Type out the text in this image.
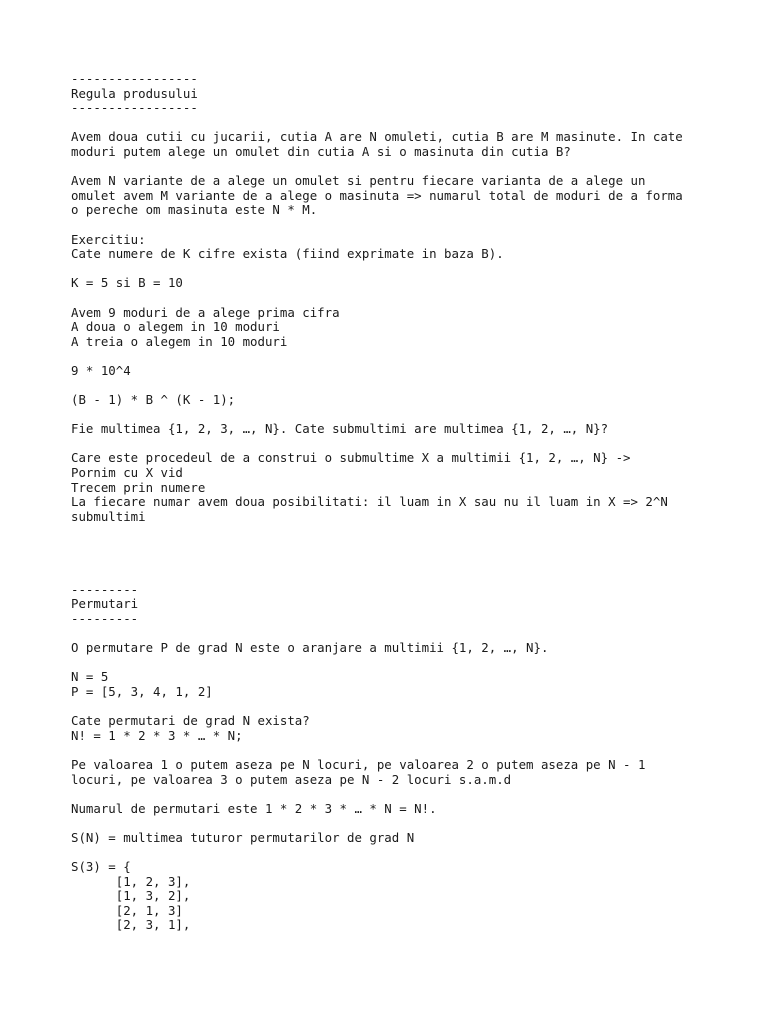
-----------------
Regula produsului
-----------------
Avem doua cutii cu jucarii, cutia A are N omuleti, cutia B are M masinute. In cate
moduri putem alege un omulet din cutia A si o masinuta din cutia B?
Avem N variante de a alege un omulet si pentru fiecare varianta de a alege un
omulet avem M variante de a alege o masinuta => numarul total de moduri de a forma
o pereche om masinuta este N * M.
Exercitiu:
Cate numere de K cifre exista (fiind exprimate in baza B).
K = 5 si B = 10
Avem 9 moduri de a alege prima cifra
A doua o alegem in 10 moduri
A treia o alegem in 10 moduri
9 * 10^4
(B - 1) * B ^ (K - 1);
Fie multimea {1, 2, 3, …, N}. Cate submultimi are multimea {1, 2, …, N}?
Care este procedeul de a construi o submultime X a multimii {1, 2, …, N} ->
Pornim cu X vid
Trecem prin numere
La fiecare numar avem doua posibilitati: il luam in X sau nu il luam in X => 2^N
submultimi
---------
Permutari
---------
O permutare P de grad N este o aranjare a multimii {1, 2, …, N}.
N = 5
P = [5, 3, 4, 1, 2]
Cate permutari de grad N exista?
N! = 1 * 2 * 3 * … * N;
Pe valoarea 1 o putem aseza pe N locuri, pe valoarea 2 o putem aseza pe N - 1
locuri, pe valoarea 3 o putem aseza pe N - 2 locuri s.a.m.d
Numarul de permutari este 1 * 2 * 3 * … * N = N!.
S(N) = multimea tuturor permutarilor de grad N
S(3) = {
[1, 2, 3],
[1, 3, 2],
[2, 1, 3]
[2, 3, 1],
